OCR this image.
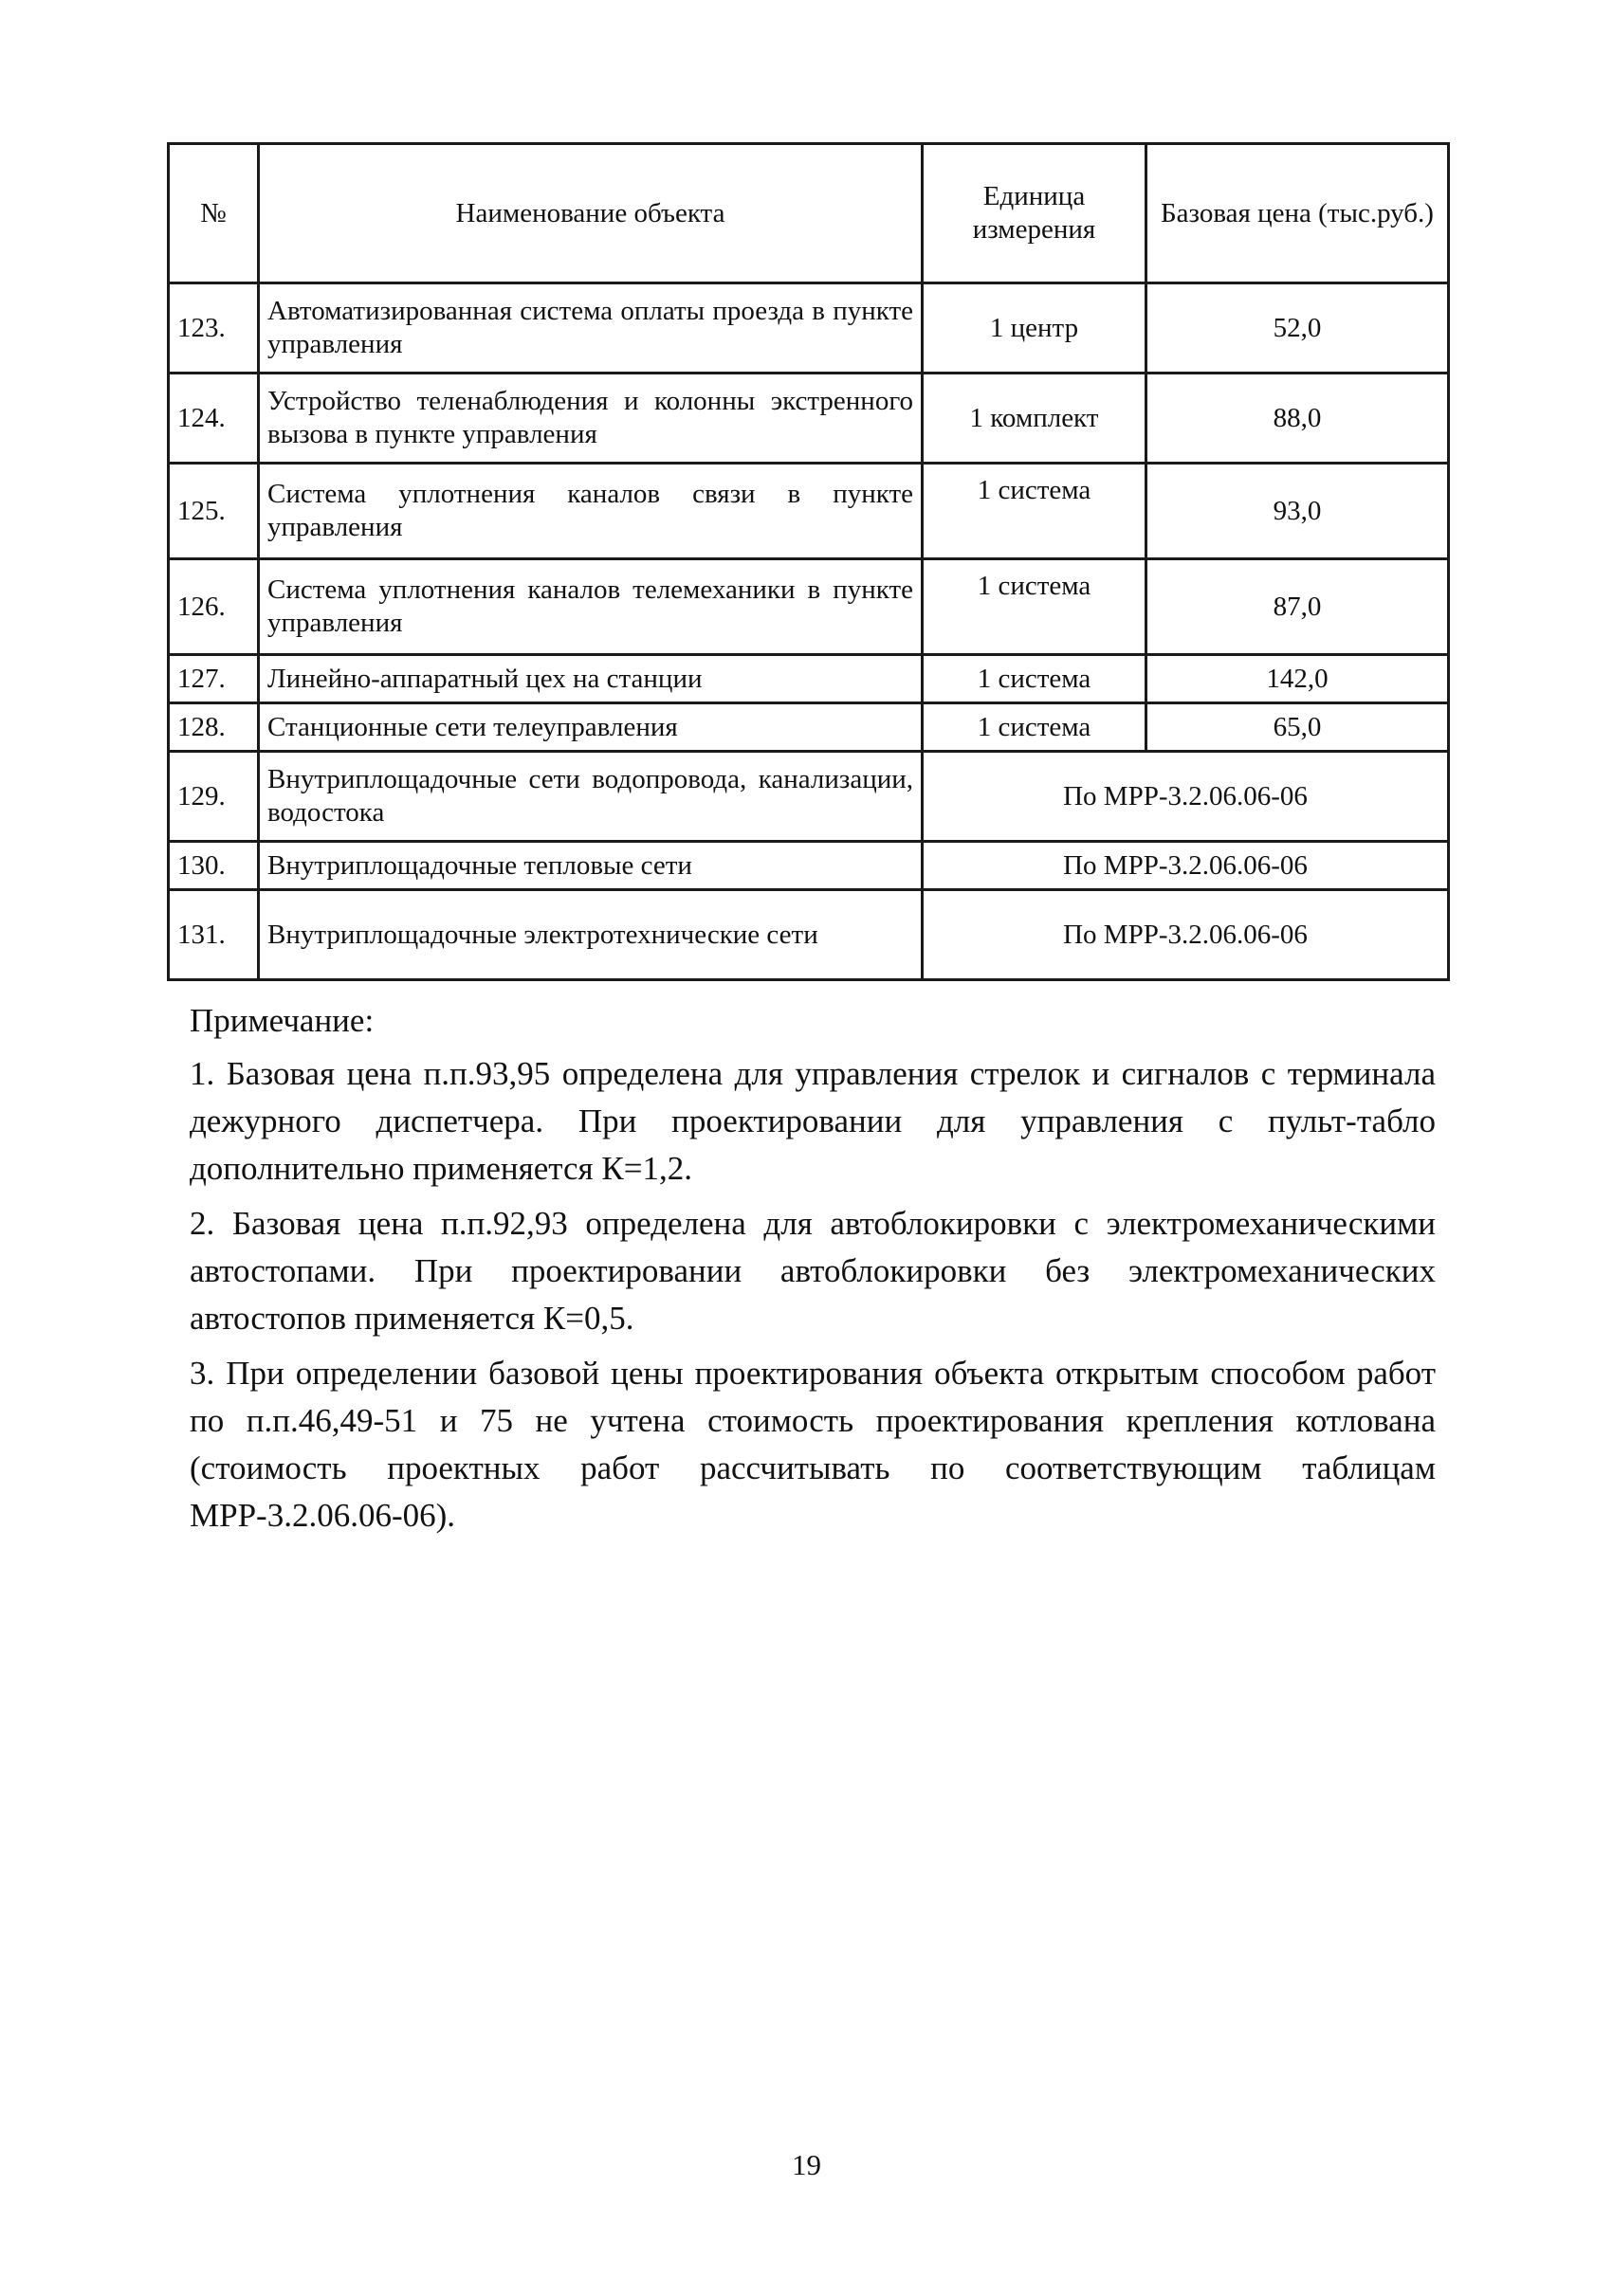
№	Наименование объекта	Единица измерения	Базовая цена (тыс.руб.)
123.	Автоматизированная система оплаты проезда в пункте управления	1 центр	52,0
124.	Устройство теленаблюдения и колонны экстренного вызова в пункте управления	1 комплект	88,0
125.	Система уплотнения каналов связи в пункте управления	1 система	93,0
126.	Система уплотнения каналов телемеханики в пункте управления	1 система	87,0
127.	Линейно-аппаратный цех на станции	1 система	142,0
128.	Станционные сети телеуправления	1 система	65,0
129.	Внутриплощадочные сети водопровода, канализации, водостока	По МРР-3.2.06.06-06	
130.	Внутриплощадочные тепловые сети	По МРР-3.2.06.06-06	
131.	Внутриплощадочные электротехнические сети	По МРР-3.2.06.06-06	
Примечание:

1. Базовая цена п.п.93,95 определена для управления стрелок и сигналов с терминала дежурного диспетчера. При проектировании для управления с пульт-табло дополнительно применяется К=1,2.

2. Базовая цена п.п.92,93 определена для автоблокировки с электромеханическими автостопами. При проектировании автоблокировки без электромеханических автостопов применяется К=0,5.

3. При определении базовой цены проектирования объекта открытым способом работ по п.п.46,49-51 и 75 не учтена стоимость проектирования крепления котлована (стоимость проектных работ рассчитывать по соответствующим таблицам МРР-3.2.06.06-06).

19
